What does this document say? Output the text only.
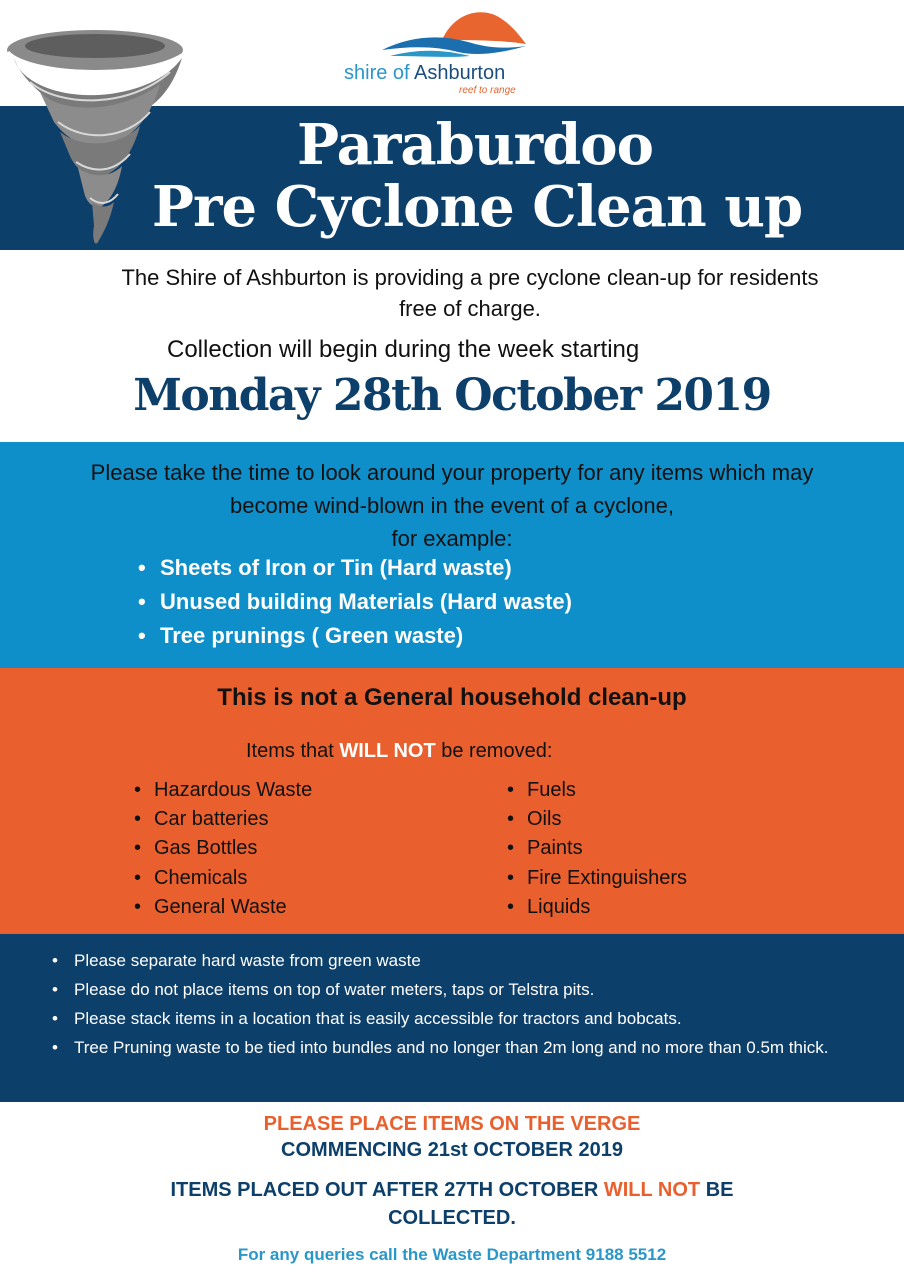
shire of Ashburton
reef to range
Paraburdoo
Pre Cyclone Clean up
The Shire of Ashburton is providing a pre cyclone clean-up for residents free of charge.
Collection will begin during the week starting
Monday 28th October 2019
Please take the time to look around your property for any items which may
become wind-blown in the event of a cyclone,
for example:
• Sheets of Iron or Tin (Hard waste)
• Unused building Materials (Hard waste)
• Tree prunings ( Green waste)
This is not a General household clean-up
Items that WILL NOT be removed:
• Hazardous Waste
• Car batteries
• Gas Bottles
• Chemicals
• General Waste
• Fuels
• Oils
• Paints
• Fire Extinguishers
• Liquids
• Please separate hard waste from green waste
• Please do not place items on top of water meters, taps or Telstra pits.
• Please stack items in a location that is easily accessible for tractors and bobcats.
• Tree Pruning waste to be tied into bundles and no longer than 2m long and no more than 0.5m thick.
PLEASE PLACE ITEMS ON THE VERGE
COMMENCING 21st OCTOBER 2019
ITEMS PLACED OUT AFTER 27TH OCTOBER WILL NOT BE COLLECTED.
For any queries call the Waste Department 9188 5512
